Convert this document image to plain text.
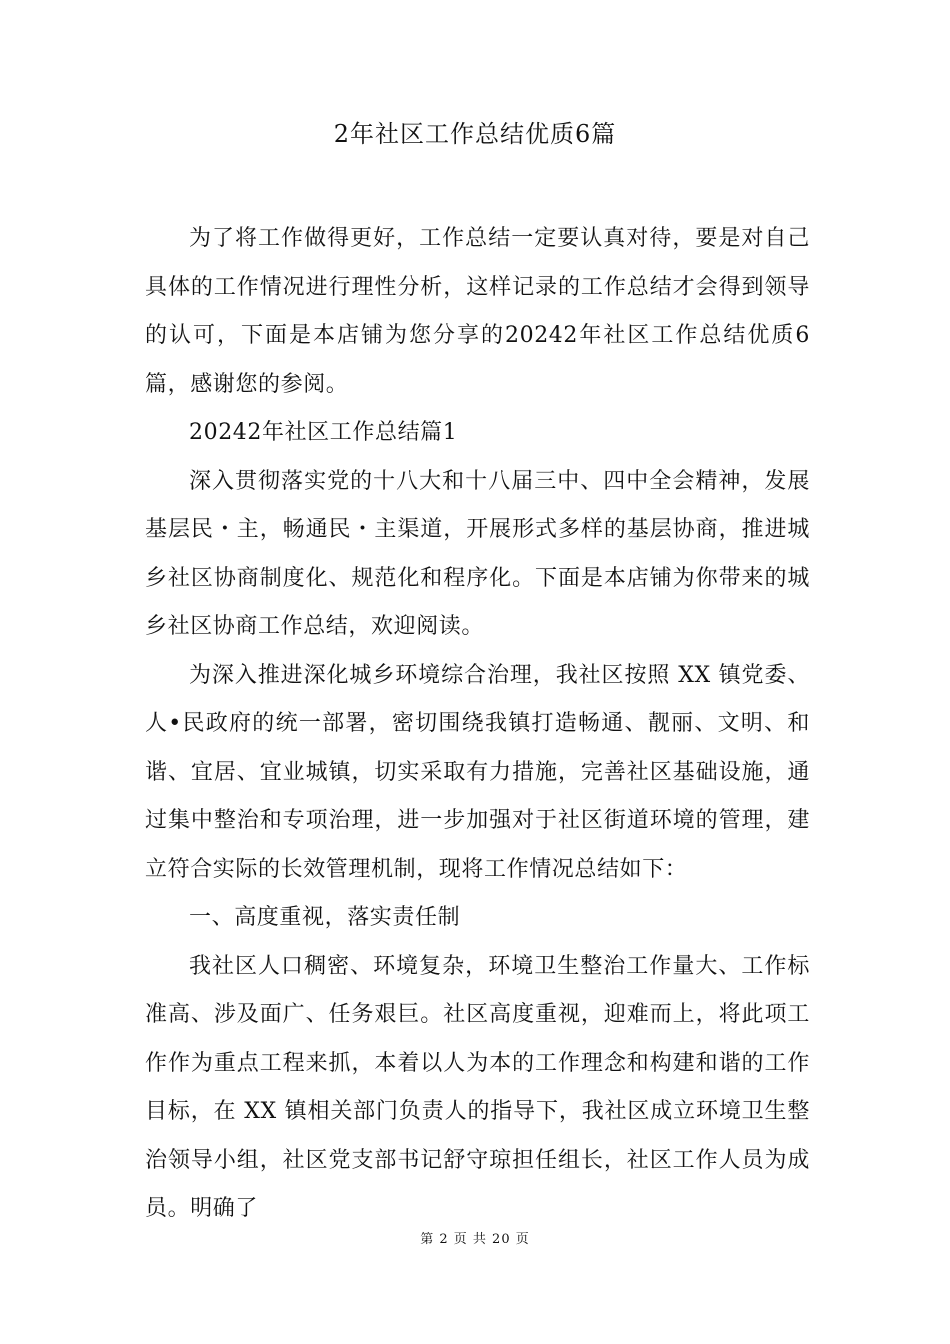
2年社区工作总结优质6篇

为了将工作做得更好，工作总结一定要认真对待，要是对自己具体的工作情况进行理性分析，这样记录的工作总结才会得到领导的认可，下面是本店铺为您分享的20242年社区工作总结优质6篇，感谢您的参阅。

20242年社区工作总结篇1

深入贯彻落实党的十八大和十八届三中、四中全会精神，发展基层民・主，畅通民・主渠道，开展形式多样的基层协商，推进城乡社区协商制度化、规范化和程序化。下面是本店铺为你带来的城乡社区协商工作总结，欢迎阅读。

为深入推进深化城乡环境综合治理，我社区按照 XX 镇党委、人•民政府的统一部署，密切围绕我镇打造畅通、靓丽、文明、和谐、宜居、宜业城镇，切实采取有力措施，完善社区基础设施，通过集中整治和专项治理，进一步加强对于社区街道环境的管理，建立符合实际的长效管理机制，现将工作情况总结如下：

一、高度重视，落实责任制

我社区人口稠密、环境复杂，环境卫生整治工作量大、工作标准高、涉及面广、任务艰巨。社区高度重视，迎难而上，将此项工作作为重点工程来抓，本着以人为本的工作理念和构建和谐的工作目标，在 XX 镇相关部门负责人的指导下，我社区成立环境卫生整治领导小组，社区党支部书记舒守琼担任组长，社区工作人员为成员。明确了

第 2 页 共 20 页
